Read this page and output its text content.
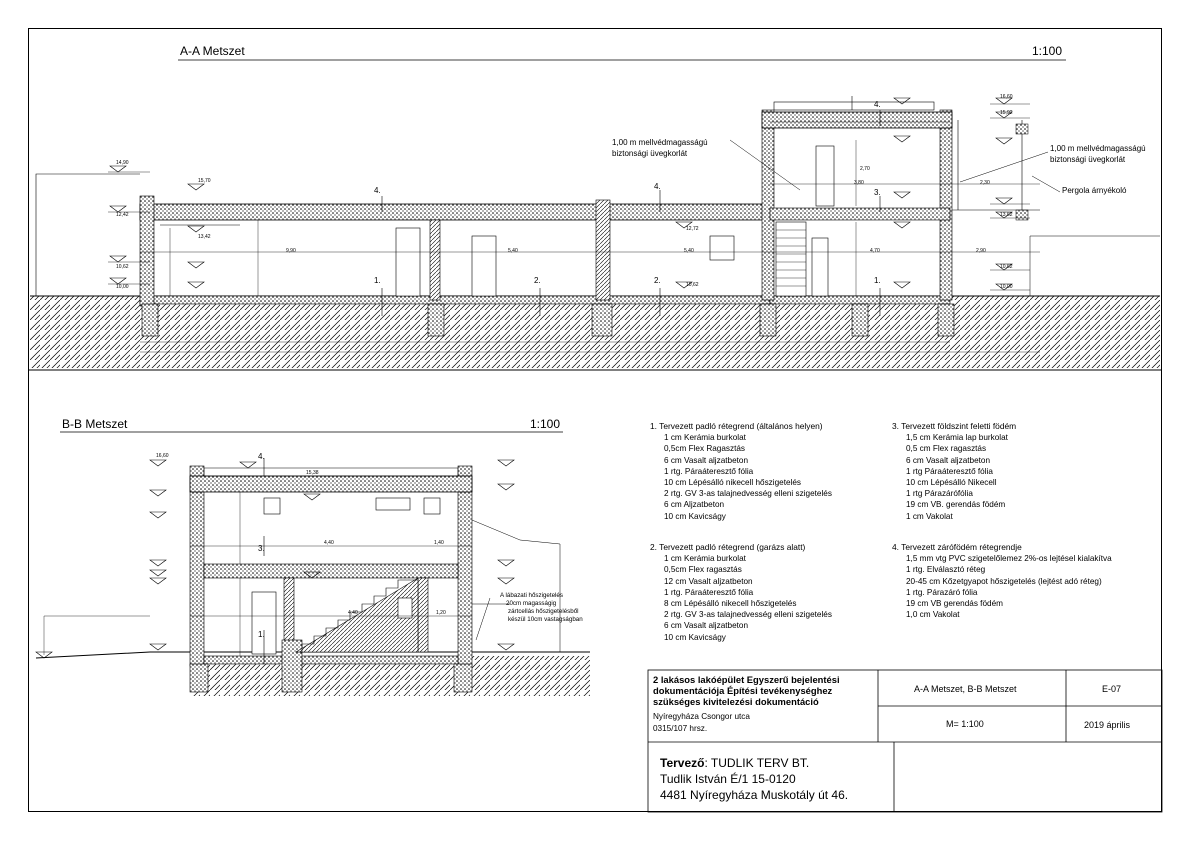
A-A Metszet	1:100
1,00 m mellvédmagasságú
biztonsági üvegkorlát
1,00 m mellvédmagasságú
biztonsági üvegkorlát
Pergola árnyékoló
14,90
12,42
10,62
10,00
15,70
13,42
12,72
10,62
16,60
15,92
13,62
10,62
10,00
9,90	5,40	5,40
3,80
4,70	2,90
2,30
2,70
4.	4.
4.
3.
1.	2.	2.	1.
B-B Metszet	1:100
A lábazati hőszigetelés
20cm magasságig
zártcellás hőszigetelésből
készül 10cm vastagságban
4,40	1,40
4,40	1,20
16,60
15,38
4.
3.
1.
1. Tervezett padló rétegrend (általános helyen)
1 cm Kerámia burkolat
0,5cm Flex Ragasztás
6 cm Vasalt aljzatbeton
1 rtg. Páraáteresztő fólia
10 cm Lépésálló nikecell hőszigetelés
2 rtg. GV 3-as talajnedvesség elleni szigetelés
6 cm Aljzatbeton
10 cm Kavicságy
2. Tervezett padló rétegrend (garázs alatt)
1 cm Kerámia burkolat
0,5cm Flex ragasztás
12 cm Vasalt aljzatbeton
1 rtg. Páraáteresztő fólia
8 cm Lépésálló nikecell hőszigetelés
2 rtg. GV 3-as talajnedvesség elleni szigetelés
6 cm Vasalt aljzatbeton
10 cm Kavicságy
3. Tervezett földszint feletti födém
1,5 cm Kerámia lap burkolat
0,5 cm Flex ragasztás
6 cm Vasalt aljzatbeton
1 rtg Páraáteresztő fólia
10 cm Lépésálló Nikecell
1 rtg Párazárófólia
19 cm VB. gerendás födém
1 cm Vakolat
4. Tervezett zárófödém rétegrendje
1,5 mm vtg PVC szigetelőlemez 2%-os lejtésel kialakítva
1 rtg. Elválasztó réteg
20-45 cm Kőzetgyapot hőszigetelés (lejtést adó réteg)
1 rtg. Párazáró fólia
19 cm VB gerendás födém
1,0 cm Vakolat
2 lakásos lakóépület Egyszerű bejelentési
dokumentációja Építési tevékenységhez
szükséges kivitelezési dokumentáció
Nyíregyháza Csongor utca
0315/107 hrsz.
A-A Metszet, B-B Metszet	E-07
M= 1:100	2019 április
Tervező: TUDLIK TERV BT.
Tudlik István É/1 15-0120
4481 Nyíregyháza Muskotály út 46.
